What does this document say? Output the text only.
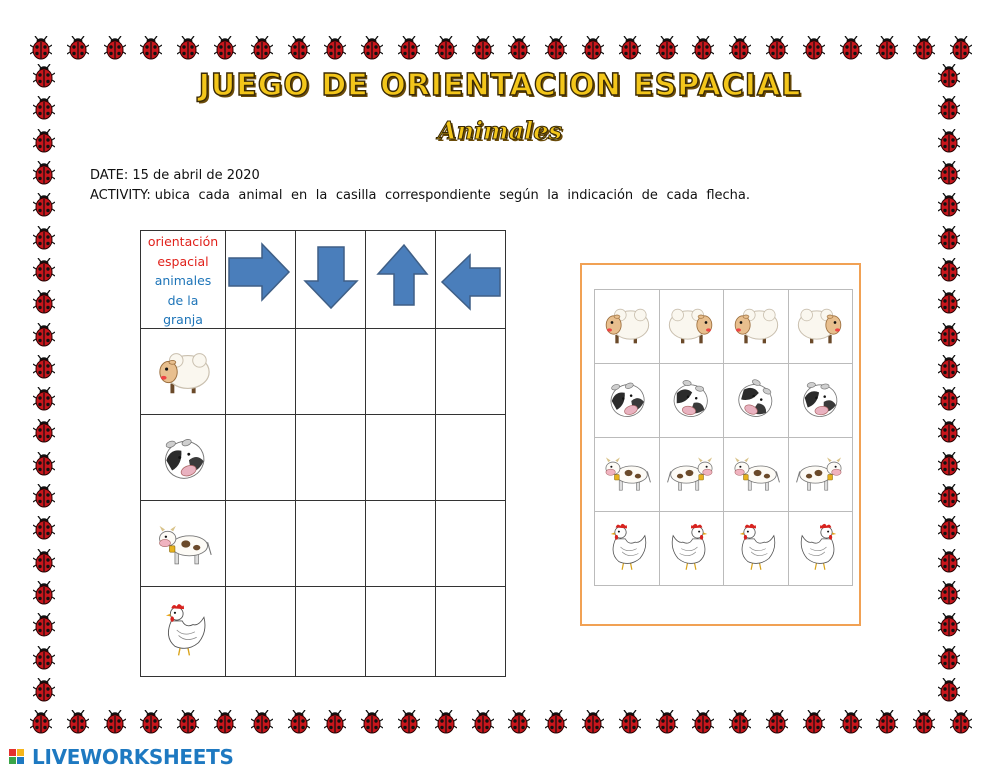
JUEGO DE ORIENTACION ESPACIAL
Animales
DATE: 15 de abril de 2020
ACTIVITY: ubica cada animal en la casilla correspondiente según la indicación de cada flecha.
orientación
espacial
animales
de la
granja
LIVEWORKSHEETS
